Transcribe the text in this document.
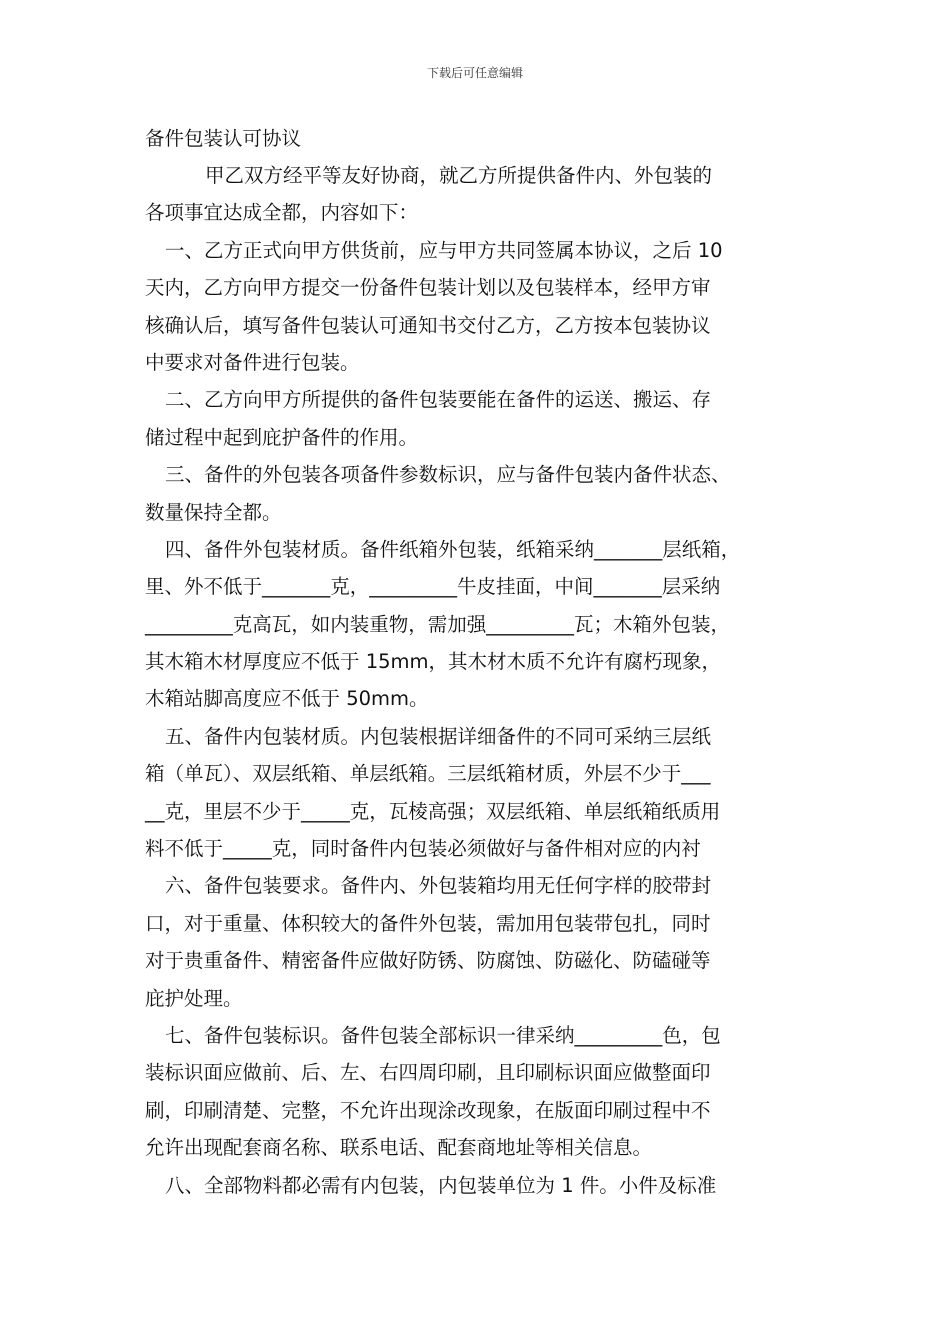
下载后可任意编辑
备件包装认可协议
甲乙双方经平等友好协商，就乙方所提供备件内、外包装的
各项事宜达成全都，内容如下：
一、乙方正式向甲方供货前，应与甲方共同签属本协议，之后 10
天内，乙方向甲方提交一份备件包装计划以及包装样本，经甲方审
核确认后，填写备件包装认可通知书交付乙方，乙方按本包装协议
中要求对备件进行包装。
二、乙方向甲方所提供的备件包装要能在备件的运送、搬运、存
储过程中起到庇护备件的作用。
三、备件的外包装各项备件参数标识，应与备件包装内备件状态、
数量保持全都。
四、备件外包装材质。备件纸箱外包装，纸箱采纳_______层纸箱，
里、外不低于_______克，_________牛皮挂面，中间_______层采纳
_________克高瓦，如内装重物，需加强_________瓦；木箱外包装，
其木箱木材厚度应不低于 15mm，其木材木质不允许有腐朽现象，
木箱站脚高度应不低于 50mm。
五、备件内包装材质。内包装根据详细备件的不同可采纳三层纸
箱（单瓦）、双层纸箱、单层纸箱。三层纸箱材质，外层不少于___
__克，里层不少于_____克，瓦棱高强；双层纸箱、单层纸箱纸质用
料不低于_____克，同时备件内包装必须做好与备件相对应的内衬
六、备件包装要求。备件内、外包装箱均用无任何字样的胶带封
口，对于重量、体积较大的备件外包装，需加用包装带包扎，同时
对于贵重备件、精密备件应做好防锈、防腐蚀、防磁化、防磕碰等
庇护处理。
七、备件包装标识。备件包装全部标识一律采纳_________色，包
装标识面应做前、后、左、右四周印刷，且印刷标识面应做整面印
刷，印刷清楚、完整，不允许出现涂改现象，在版面印刷过程中不
允许出现配套商名称、联系电话、配套商地址等相关信息。
八、全部物料都必需有内包装，内包装单位为 1 件。小件及标准
